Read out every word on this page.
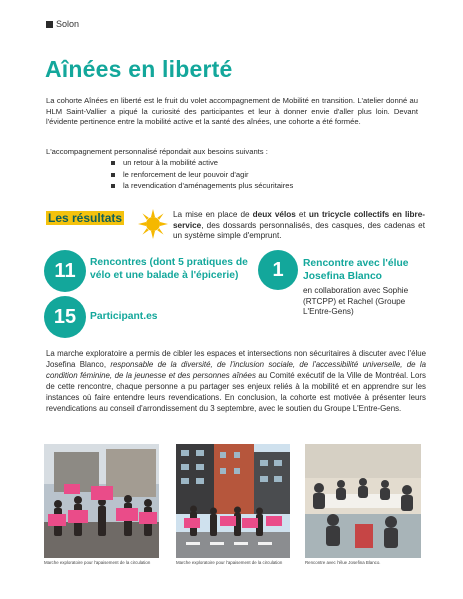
Solon
Aînées en liberté
La cohorte Aînées en liberté est le fruit du volet accompagnement de Mobilité en transition. L'atelier donné au HLM Saint-Vallier a piqué la curiosité des participantes et leur à donner envie d'aller plus loin. Devant l'évidente pertinence entre la mobilité active et la santé des aînées, une cohorte a été formée.
L'accompagnement personnalisé répondait aux besoins suivants :
un retour à la mobilité active
le renforcement de leur pouvoir d'agir
la revendication d'aménagements plus sécuritaires
Les résultats	La mise en place de deux vélos et un tricycle collectifs en libre-service, des dossards personnalisés, des casques, des cadenas et un système simple d'emprunt.
11	Rencontres (dont 5 pratiques de vélo et une balade à l'épicerie)
15	Participant.es
1	Rencontre avec l'élue Josefina Blanco
en collaboration avec Sophie (RTCPP) et Rachel (Groupe L'Entre-Gens)
La marche exploratoire a permis de cibler les espaces et intersections non sécuritaires à discuter avec l'élue Josefina Blanco, responsable de la diversité, de l'inclusion sociale, de l'accessibilité universelle, de la condition féminine, de la jeunesse et des personnes aînées au Comité exécutif de la Ville de Montréal. Lors de cette rencontre, chaque personne a pu partager ses enjeux reliés à la mobilité et en apprendre sur les instances où faire entendre leurs revendications. En conclusion, la cohorte est motivée à présenter leurs revendications au conseil d'arrondissement du 3 septembre, avec le soutien du Groupe L'Entre-Gens.
Marche exploratoire pour l'apaisement de la circulation	Marche exploratoire pour l'apaisement de la circulation	Rencontre avec l'élue Josefina Blanco.
